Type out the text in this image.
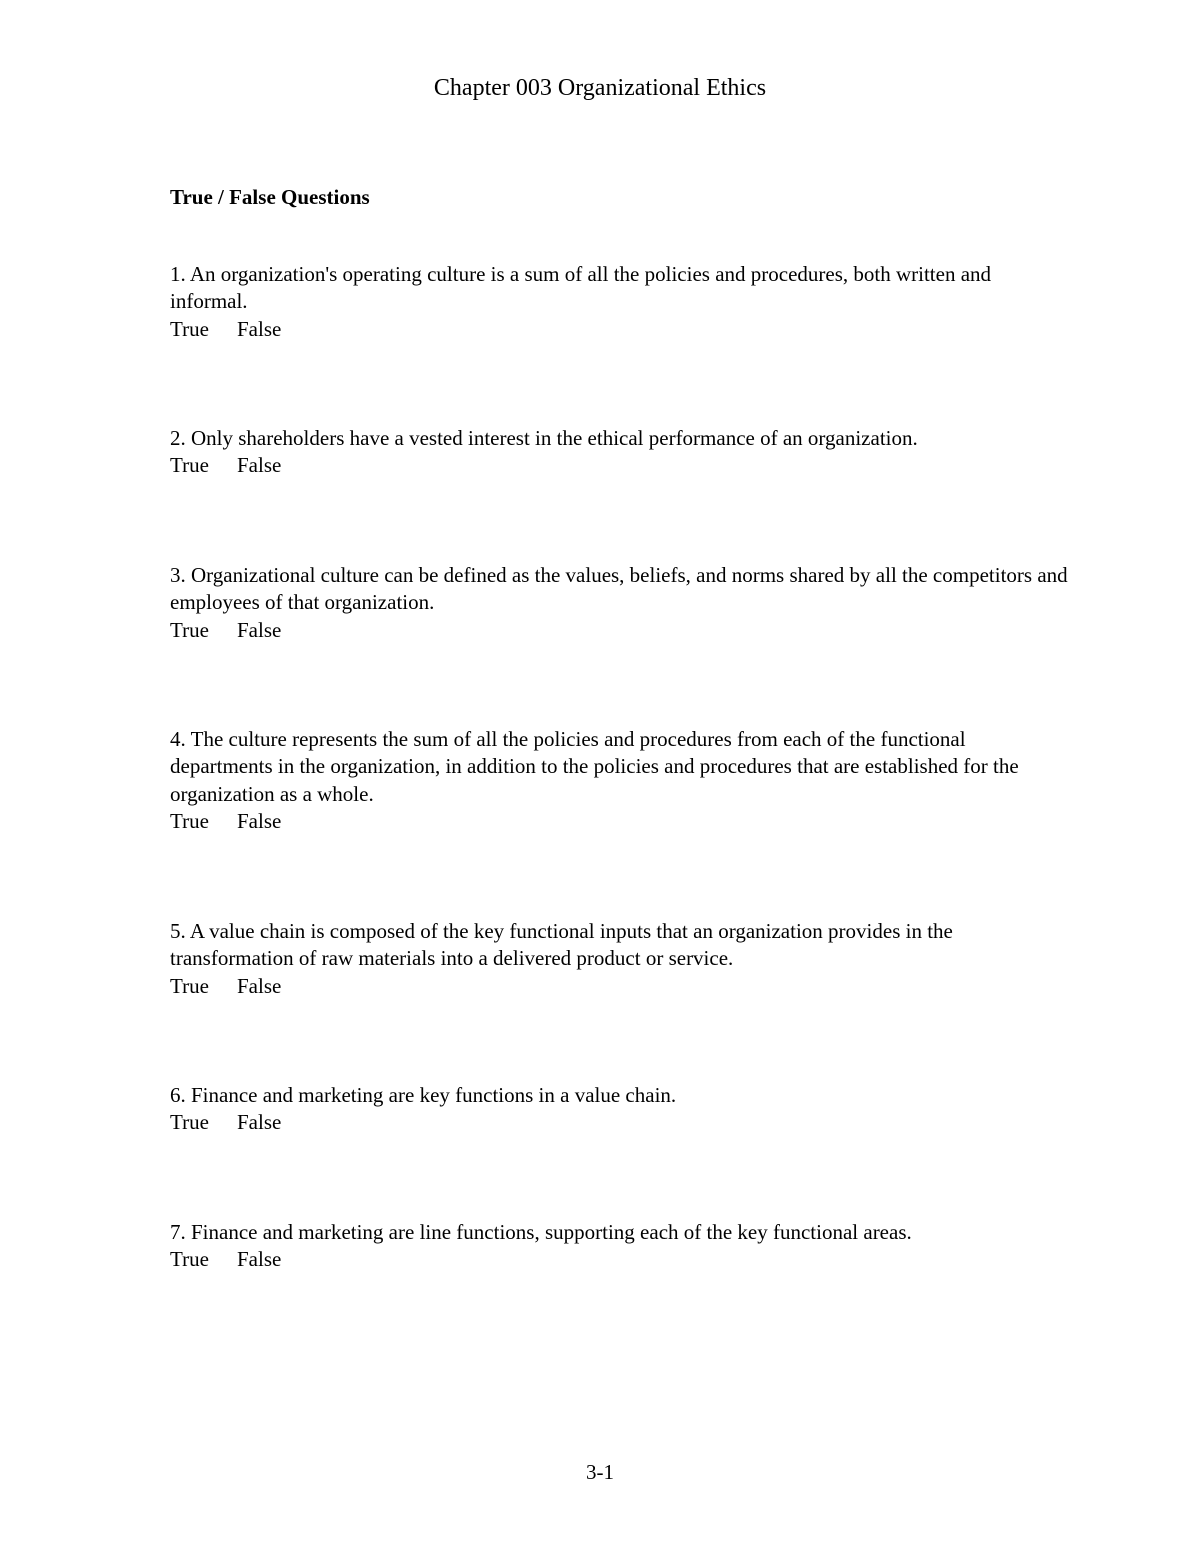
Chapter 003 Organizational Ethics
True / False Questions
1. An organization's operating culture is a sum of all the policies and procedures, both written and informal.
True False
2. Only shareholders have a vested interest in the ethical performance of an organization.
True False
3. Organizational culture can be defined as the values, beliefs, and norms shared by all the competitors and employees of that organization.
True False
4. The culture represents the sum of all the policies and procedures from each of the functional departments in the organization, in addition to the policies and procedures that are established for the organization as a whole.
True False
5. A value chain is composed of the key functional inputs that an organization provides in the transformation of raw materials into a delivered product or service.
True False
6. Finance and marketing are key functions in a value chain.
True False
7. Finance and marketing are line functions, supporting each of the key functional areas.
True False
3-1
